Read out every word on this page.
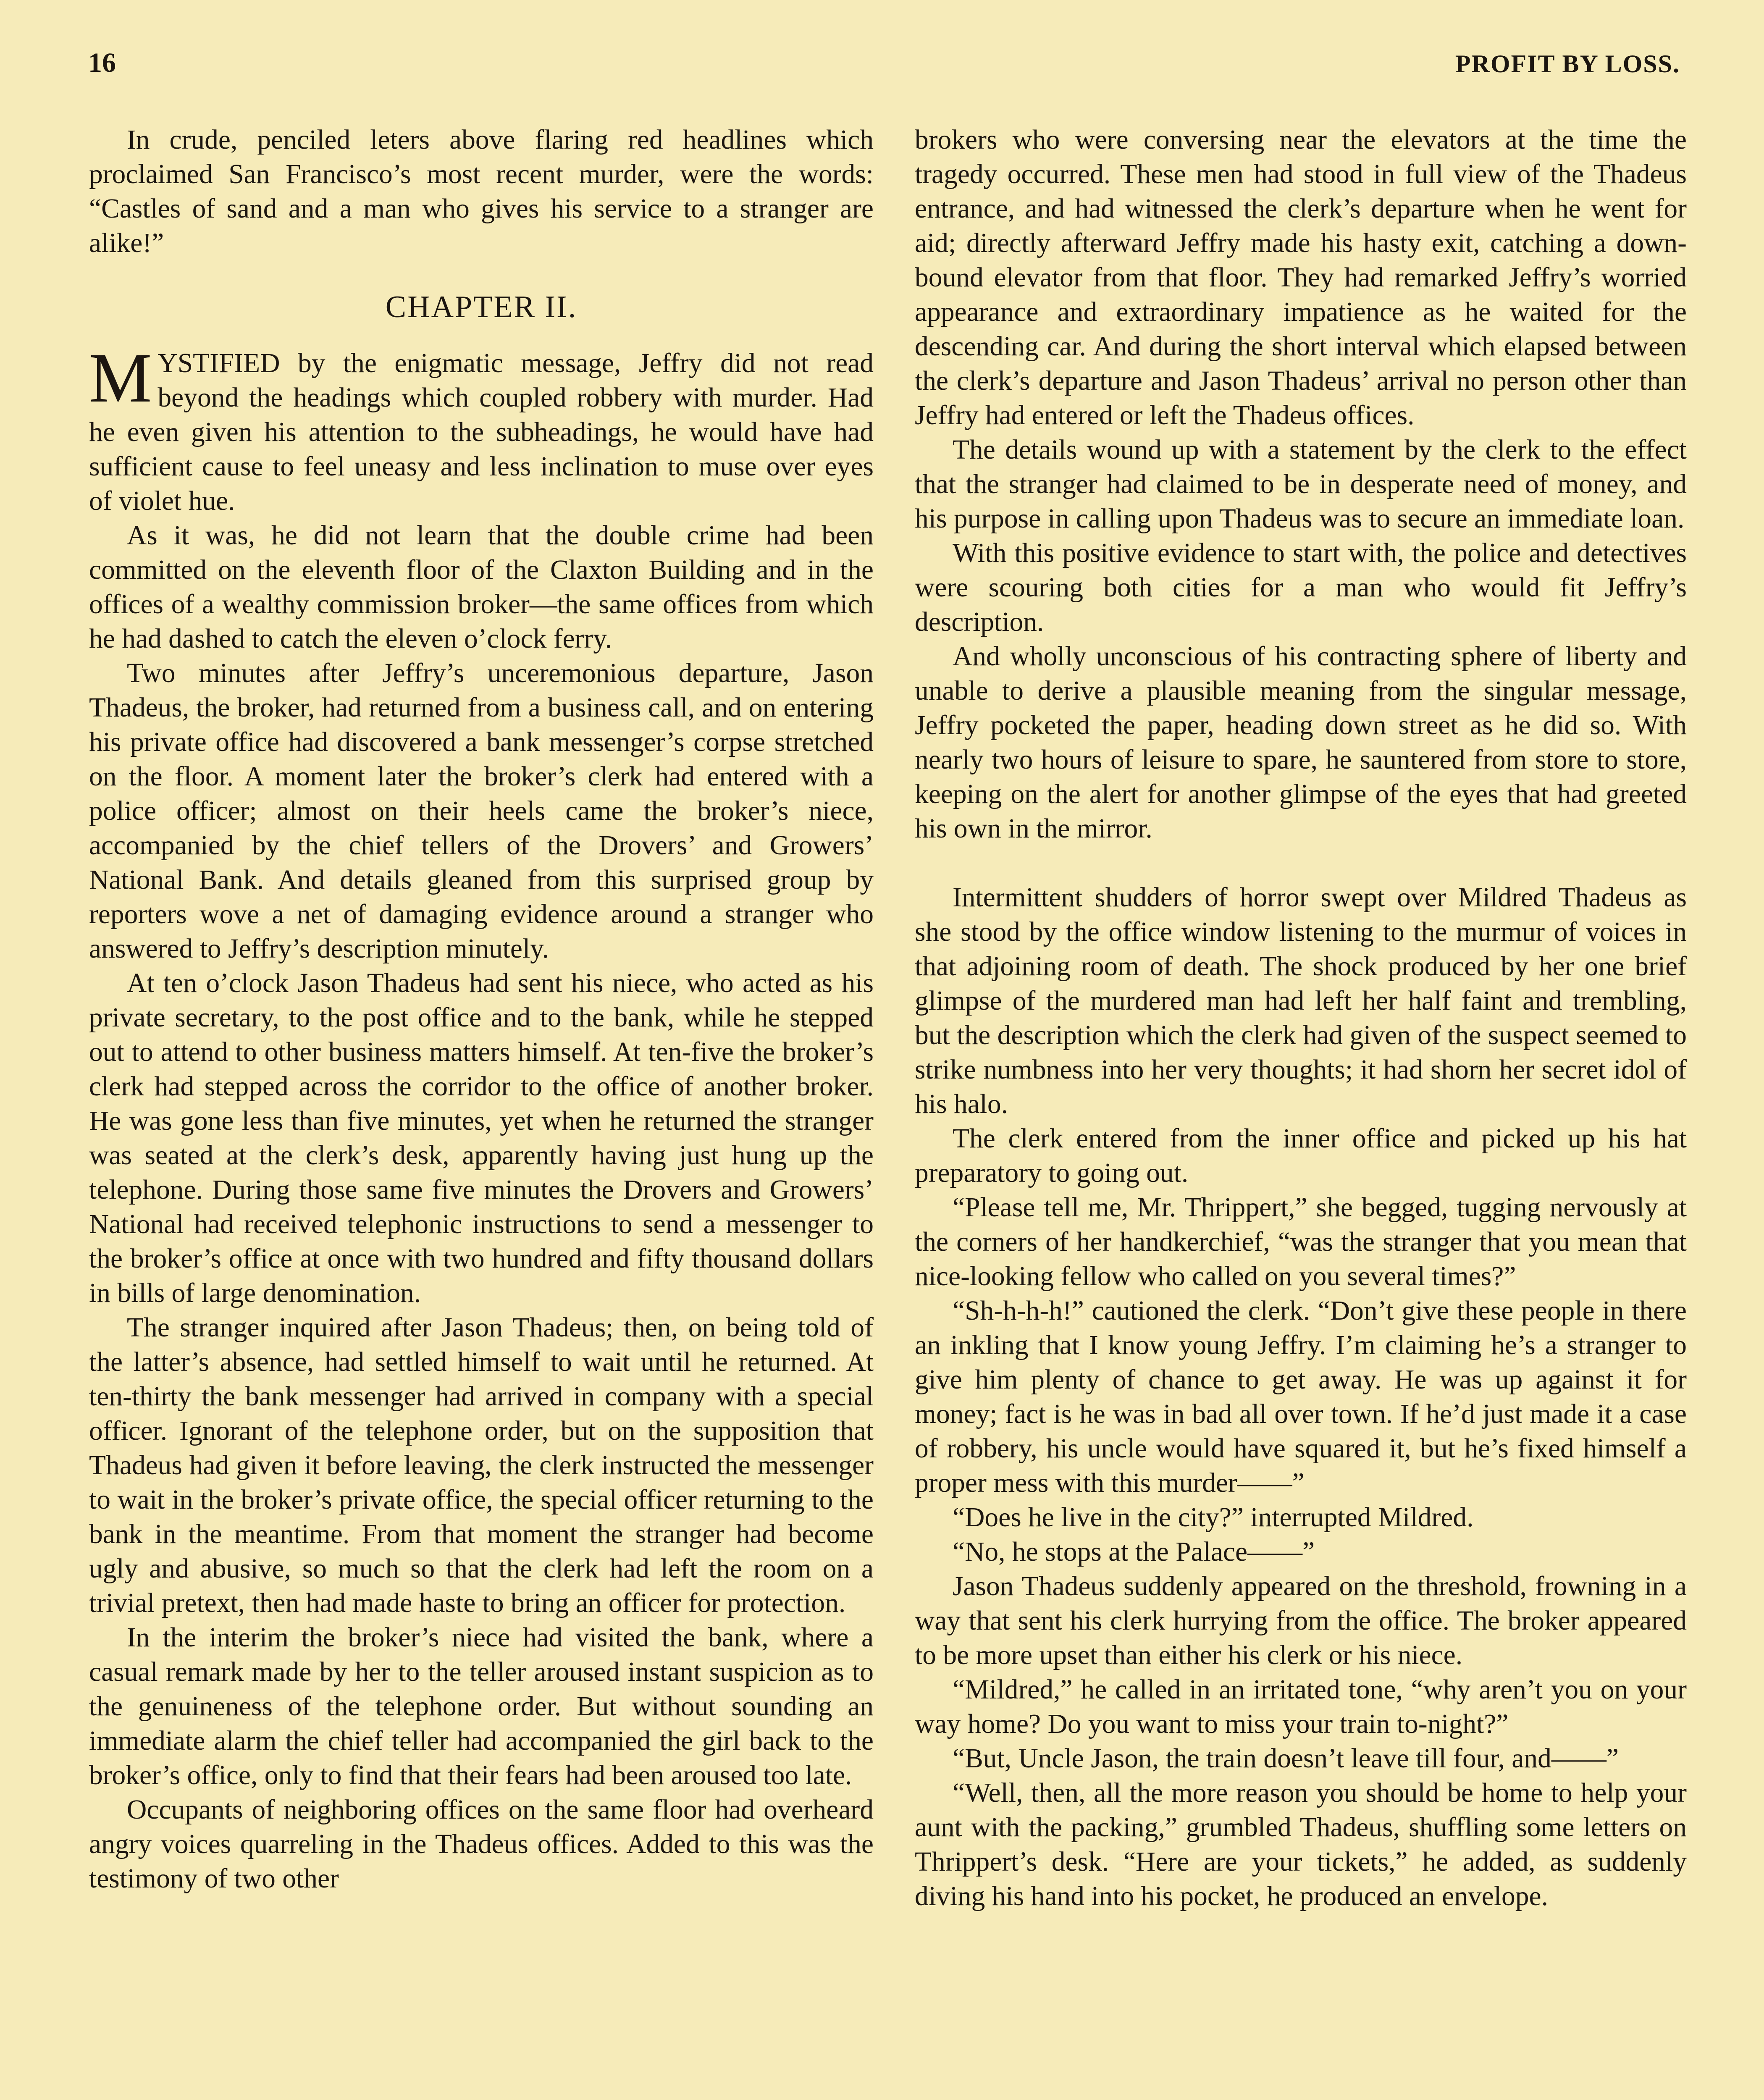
16	PROFIT BY LOSS.

In crude, penciled leters above flaring red headlines which proclaimed San Francisco’s most recent murder, were the words: “Castles of sand and a man who gives his service to a stranger are alike!”

CHAPTER II.

MYSTIFIED by the enigmatic message, Jeffry did not read beyond the headings which coupled robbery with murder. Had he even given his attention to the subheadings, he would have had sufficient cause to feel uneasy and less inclination to muse over eyes of violet hue.

As it was, he did not learn that the double crime had been committed on the eleventh floor of the Claxton Building and in the offices of a wealthy commission broker—the same offices from which he had dashed to catch the eleven o’clock ferry.

Two minutes after Jeffry’s unceremonious departure, Jason Thadeus, the broker, had returned from a business call, and on entering his private office had discovered a bank messenger’s corpse stretched on the floor. A moment later the broker’s clerk had entered with a police officer; almost on their heels came the broker’s niece, accompanied by the chief tellers of the Drovers’ and Growers’ National Bank. And details gleaned from this surprised group by reporters wove a net of damaging evidence around a stranger who answered to Jeffry’s description minutely.

At ten o’clock Jason Thadeus had sent his niece, who acted as his private secretary, to the post office and to the bank, while he stepped out to attend to other business matters himself. At ten-five the broker’s clerk had stepped across the corridor to the office of another broker. He was gone less than five minutes, yet when he returned the stranger was seated at the clerk’s desk, apparently having just hung up the telephone. During those same five minutes the Drovers and Growers’ National had received telephonic instructions to send a messenger to the broker’s office at once with two hundred and fifty thousand dollars in bills of large denomination.

The stranger inquired after Jason Thadeus; then, on being told of the latter’s absence, had settled himself to wait until he returned. At ten-thirty the bank messenger had arrived in company with a special officer. Ignorant of the telephone order, but on the supposition that Thadeus had given it before leaving, the clerk instructed the messenger to wait in the broker’s private office, the special officer returning to the bank in the meantime. From that moment the stranger had become ugly and abusive, so much so that the clerk had left the room on a trivial pretext, then had made haste to bring an officer for protection.

In the interim the broker’s niece had visited the bank, where a casual remark made by her to the teller aroused instant suspicion as to the genuineness of the telephone order. But without sounding an immediate alarm the chief teller had accompanied the girl back to the broker’s office, only to find that their fears had been aroused too late.

Occupants of neighboring offices on the same floor had overheard angry voices quarreling in the Thadeus offices. Added to this was the testimony of two other

brokers who were conversing near the elevators at the time the tragedy occurred. These men had stood in full view of the Thadeus entrance, and had witnessed the clerk’s departure when he went for aid; directly afterward Jeffry made his hasty exit, catching a down-bound elevator from that floor. They had remarked Jeffry’s worried appearance and extraordinary impatience as he waited for the descending car. And during the short interval which elapsed between the clerk’s departure and Jason Thadeus’ arrival no person other than Jeffry had entered or left the Thadeus offices.

The details wound up with a statement by the clerk to the effect that the stranger had claimed to be in desperate need of money, and his purpose in calling upon Thadeus was to secure an immediate loan.

With this positive evidence to start with, the police and detectives were scouring both cities for a man who would fit Jeffry’s description.

And wholly unconscious of his contracting sphere of liberty and unable to derive a plausible meaning from the singular message, Jeffry pocketed the paper, heading down street as he did so. With nearly two hours of leisure to spare, he sauntered from store to store, keeping on the alert for another glimpse of the eyes that had greeted his own in the mirror.

Intermittent shudders of horror swept over Mildred Thadeus as she stood by the office window listening to the murmur of voices in that adjoining room of death. The shock produced by her one brief glimpse of the murdered man had left her half faint and trembling, but the description which the clerk had given of the suspect seemed to strike numbness into her very thoughts; it had shorn her secret idol of his halo.

The clerk entered from the inner office and picked up his hat preparatory to going out.

“Please tell me, Mr. Thrippert,” she begged, tugging nervously at the corners of her handkerchief, “was the stranger that you mean that nice-looking fellow who called on you several times?”

“Sh-h-h-h!” cautioned the clerk. “Don’t give these people in there an inkling that I know young Jeffry. I’m claiming he’s a stranger to give him plenty of chance to get away. He was up against it for money; fact is he was in bad all over town. If he’d just made it a case of robbery, his uncle would have squared it, but he’s fixed himself a proper mess with this murder——”

“Does he live in the city?” interrupted Mildred.

“No, he stops at the Palace——”

Jason Thadeus suddenly appeared on the threshold, frowning in a way that sent his clerk hurrying from the office. The broker appeared to be more upset than either his clerk or his niece.

“Mildred,” he called in an irritated tone, “why aren’t you on your way home? Do you want to miss your train to-night?”

“But, Uncle Jason, the train doesn’t leave till four, and——”

“Well, then, all the more reason you should be home to help your aunt with the packing,” grumbled Thadeus, shuffling some letters on Thrippert’s desk. “Here are your tickets,” he added, as suddenly diving his hand into his pocket, he produced an envelope.
